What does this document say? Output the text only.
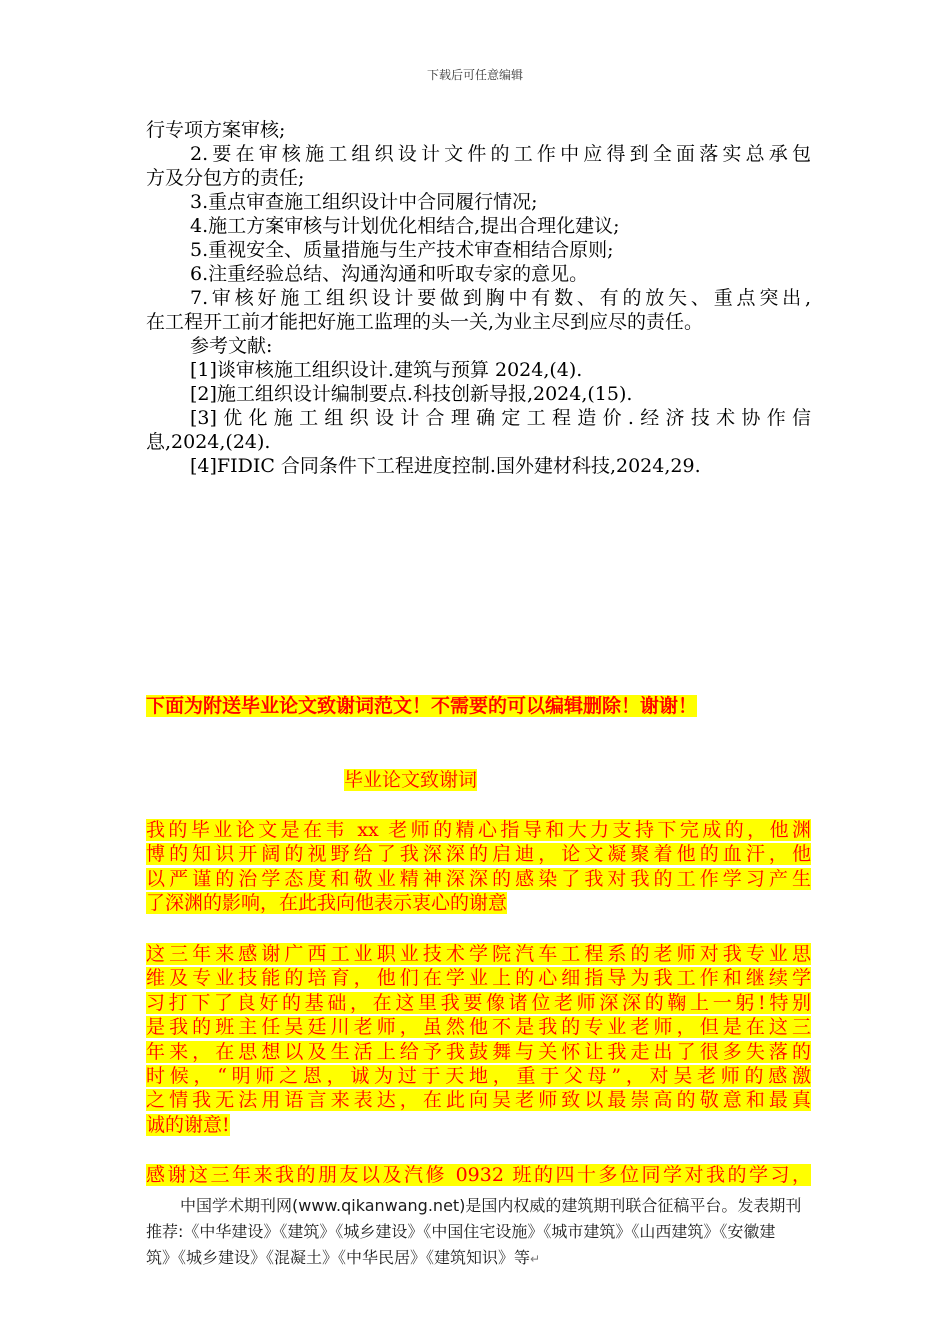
下载后可任意编辑
行专项方案审核;
2.要在审核施工组织设计文件的工作中应得到全面落实总承包
方及分包方的责任;
3.重点审查施工组织设计中合同履行情况;
4.施工方案审核与计划优化相结合,提出合理化建议;
5.重视安全、质量措施与生产技术审查相结合原则;
6.注重经验总结、沟通沟通和听取专家的意见。
7.审核好施工组织设计要做到胸中有数、有的放矢、重点突出,
在工程开工前才能把好施工监理的头一关,为业主尽到应尽的责任。
参考文献:
[1]谈审核施工组织设计.建筑与预算 2024,(4).
[2]施工组织设计编制要点.科技创新导报,2024,(15).
[3]优化施工组织设计合理确定工程造价.经济技术协作信
息,2024,(24).
[4]FIDIC 合同条件下工程进度控制.国外建材科技,2024,29.
下面为附送毕业论文致谢词范文！不需要的可以编辑删除！谢谢！
毕业论文致谢词
我的毕业论文是在韦 xx 老师的精心指导和大力支持下完成的，他渊
博的知识开阔的视野给了我深深的启迪，论文凝聚着他的血汗，他
以严谨的治学态度和敬业精神深深的感染了我对我的工作学习产生
了深渊的影响，在此我向他表示衷心的谢意
这三年来感谢广西工业职业技术学院汽车工程系的老师对我专业思
维及专业技能的培育，他们在学业上的心细指导为我工作和继续学
习打下了良好的基础，在这里我要像诸位老师深深的鞠上一躬!特别
是我的班主任吴廷川老师，虽然他不是我的专业老师，但是在这三
年来，在思想以及生活上给予我鼓舞与关怀让我走出了很多失落的
时候，“明师之恩，诚为过于天地，重于父母”，对吴老师的感激
之情我无法用语言来表达，在此向吴老师致以最崇高的敬意和最真
诚的谢意!
感谢这三年来我的朋友以及汽修 0932 班的四十多位同学对我的学习，
中国学术期刊网(www.qikanwang.net)是国内权威的建筑期刊联合征稿平台。发表期刊
推荐:《中华建设》《建筑》《城乡建设》《中国住宅设施》《城市建筑》《山西建筑》《安徽建
筑》《城乡建设》《混凝土》《中华民居》《建筑知识》等↵
